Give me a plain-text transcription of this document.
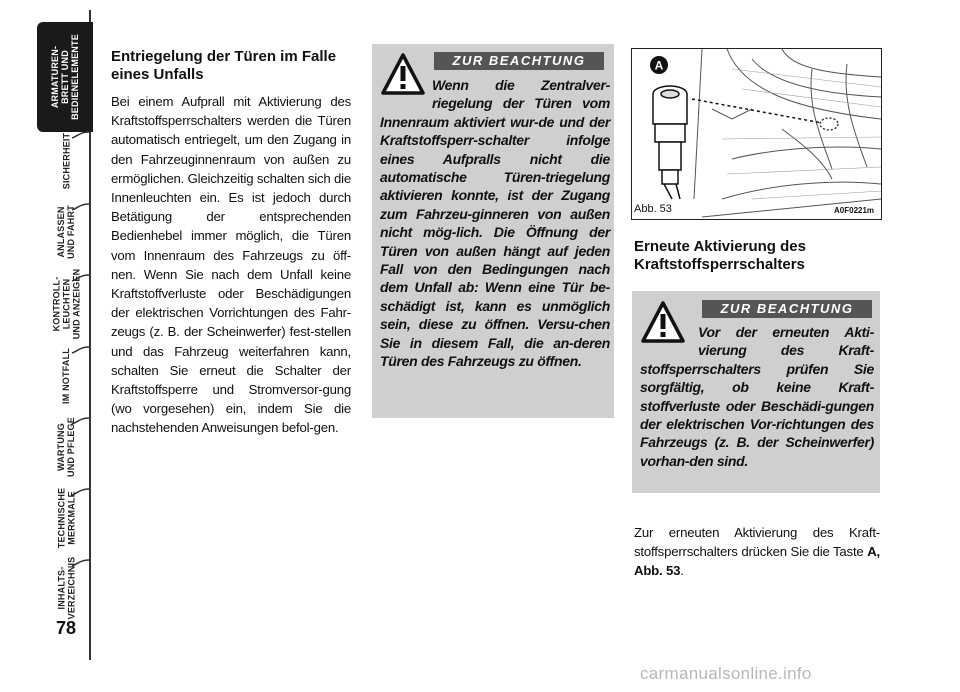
ARMATUREN- BRETT UND BEDIENELEMENTE
SICHERHEIT
ANLASSEN UND FAHRT
KONTROLL- LEUCHTEN UND ANZEIGEN
IM NOTFALL
WARTUNG UND PFLEGE
TECHNISCHE MERKMALE
INHALTS- VERZEICHNIS
78
Entriegelung der Türen im Falle eines Unfalls

Bei einem Aufprall mit Aktivierung des Kraftstoffsperrschalters werden die Türen automatisch entriegelt, um den Zugang in den Fahrzeuginnenraum von außen zu ermöglichen. Gleichzeitig schalten sich die Innenleuchten ein. Es ist jedoch durch Betätigung der entsprechenden Bedienhebel immer möglich, die Türen vom Innenraum des Fahrzeugs zu öff-nen. Wenn Sie nach dem Unfall keine Kraftstoffverluste oder Beschädigungen der elektrischen Vorrichtungen des Fahr-zeugs (z. B. der Scheinwerfer) fest-stellen und das Fahrzeug weiterfahren kann, schalten Sie erneut die Schalter der Kraftstoffsperre und Stromversor-gung (wo vorgesehen) ein, indem Sie die nachstehenden Anweisungen befol-gen.

ZUR BEACHTUNG
Wenn die Zentralver-riegelung der Türen vom Innenraum aktiviert wur-de und der Kraftstoffsperr-schalter infolge eines Aufpralls nicht die automatische Türen-triegelung aktivieren konnte, ist der Zugang zum Fahrzeu-ginneren von außen nicht mög-lich. Die Öffnung der Türen von außen hängt auf jeden Fall von den Bedingungen nach dem Unfall ab: Wenn eine Tür be-schädigt ist, kann es unmöglich sein, diese zu öffnen. Versu-chen Sie in diesem Fall, die an-deren Türen des Fahrzeugs zu öffnen.
A
Abb. 53	A0F0221m
Erneute Aktivierung des Kraftstoffsperrschalters
ZUR BEACHTUNG
Vor der erneuten Akti-vierung des Kraft-stoffsperrschalters prüfen Sie sorgfältig, ob keine Kraft-stoffverluste oder Beschädi-gungen der elektrischen Vor-richtungen des Fahrzeugs (z. B. der Scheinwerfer) vorhan-den sind.
Zur erneuten Aktivierung des Kraft-stoffsperrschalters drücken Sie die Taste A, Abb. 53.
carmanualsonline.info
